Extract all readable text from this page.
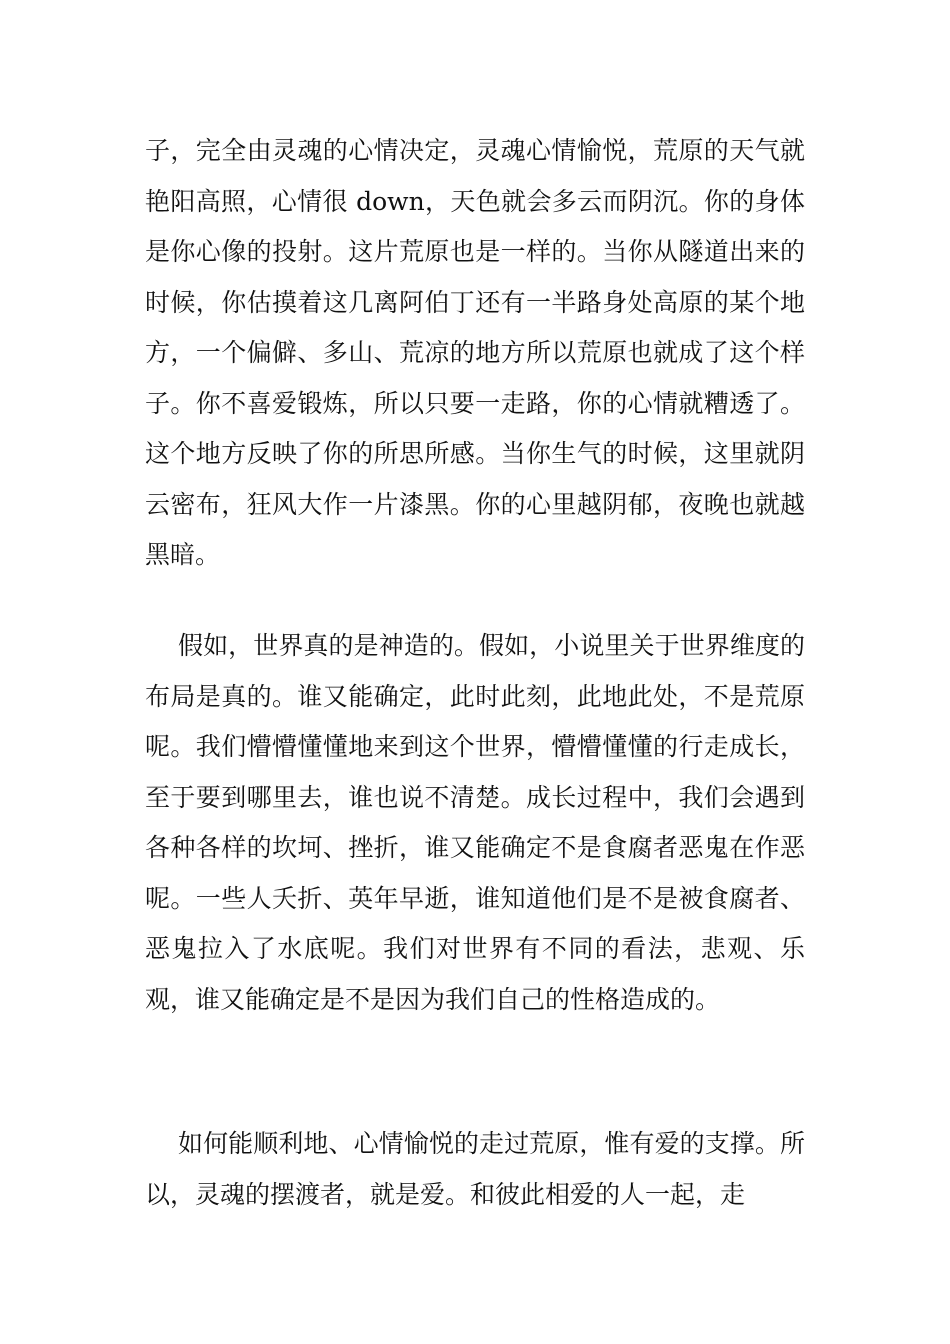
子，完全由灵魂的心情决定，灵魂心情愉悦，荒原的天气就艳阳高照，心情很 down，天色就会多云而阴沉。你的身体是你心像的投射。这片荒原也是一样的。当你从隧道出来的时候，你估摸着这几离阿伯丁还有一半路身处高原的某个地方，一个偏僻、多山、荒凉的地方所以荒原也就成了这个样子。你不喜爱锻炼，所以只要一走路，你的心情就糟透了。这个地方反映了你的所思所感。当你生气的时候，这里就阴云密布，狂风大作一片漆黑。你的心里越阴郁，夜晚也就越黑暗。

假如，世界真的是神造的。假如，小说里关于世界维度的布局是真的。谁又能确定，此时此刻，此地此处，不是荒原呢。我们懵懵懂懂地来到这个世界，懵懵懂懂的行走成长，至于要到哪里去，谁也说不清楚。成长过程中，我们会遇到各种各样的坎坷、挫折，谁又能确定不是食腐者恶鬼在作恶呢。一些人夭折、英年早逝，谁知道他们是不是被食腐者、恶鬼拉入了水底呢。我们对世界有不同的看法，悲观、乐观，谁又能确定是不是因为我们自己的性格造成的。

如何能顺利地、心情愉悦的走过荒原，惟有爱的支撑。所以，灵魂的摆渡者，就是爱。和彼此相爱的人一起，走
